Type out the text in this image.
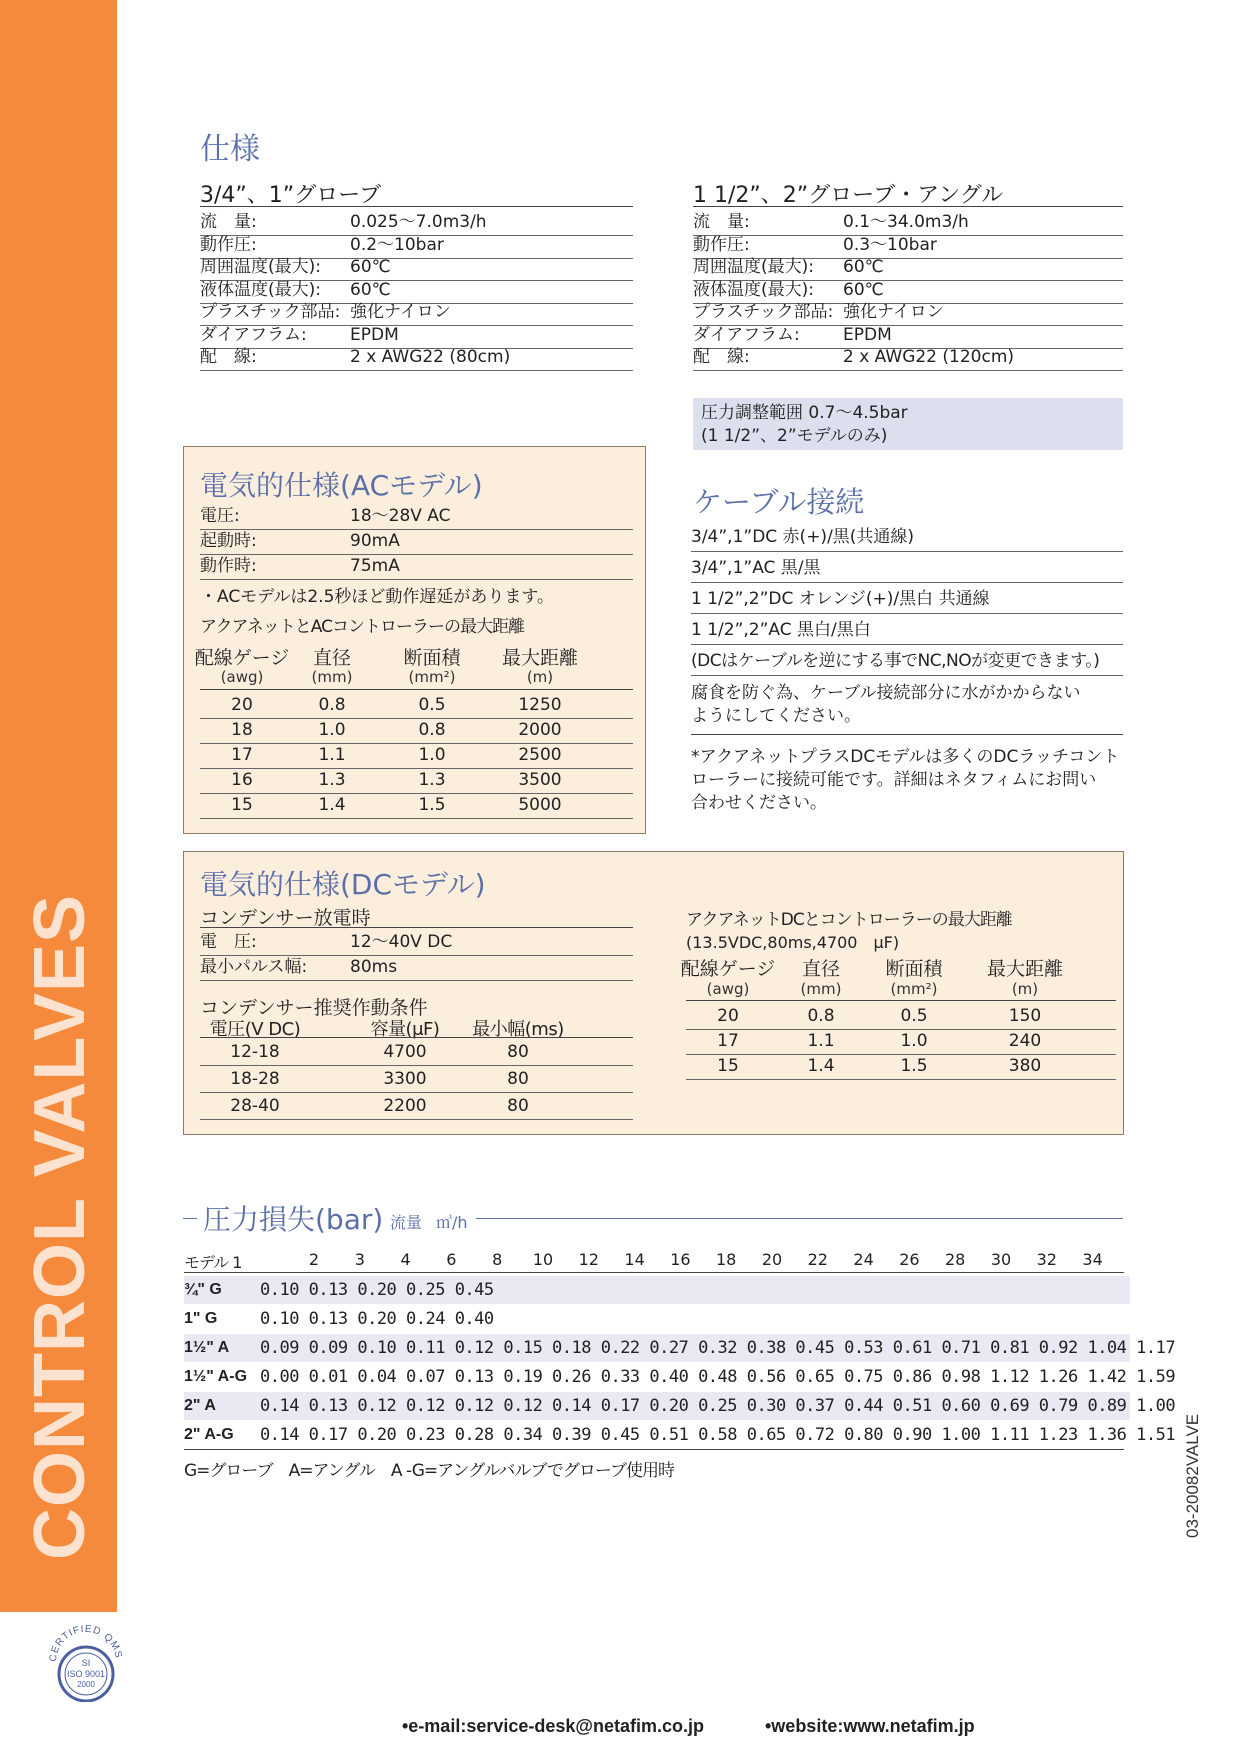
CONTROL VALVES
仕様
3/4”、1”グローブ
流　量:	0.025～7.0m3/h
動作圧:	0.2～10bar
周囲温度(最大): 60℃
液体温度(最大): 60℃
プラスチック部品: 強化ナイロン
ダイアフラム:	EPDM
配　線:	2 x AWG22 (80cm)
1 1/2”、2”グローブ・アングル
流　量:	0.1～34.0m3/h
動作圧:	0.3～10bar
周囲温度(最大): 60℃
液体温度(最大): 60℃
プラスチック部品: 強化ナイロン
ダイアフラム:	EPDM
配　線:	2 x AWG22 (120cm)
圧力調整範囲 0.7～4.5bar
(1 1/2”、2”モデルのみ)
電気的仕様(ACモデル)
電圧:	18～28V AC
起動時:	90mA
動作時:	75mA
・ACモデルは2.5秒ほど動作遅延があります。
アクアネットとACコントローラーの最大距離
配線ゲージ	直径	断面積	最大距離
(awg)	(mm)	(mm²)	(m)
20	0.8	0.5	1250
18	1.0	0.8	2000
17	1.1	1.0	2500
16	1.3	1.3	3500
15	1.4	1.5	5000
ケーブル接続
3/4”,1”DC 赤(+)/黒(共通線)
3/4”,1”AC 黒/黒
1 1/2”,2”DC オレンジ(+)/黒白 共通線
1 1/2”,2”AC 黒白/黒白
(DCはケーブルを逆にする事でNC,NOが変更できます。)
腐食を防ぐ為、ケーブル接続部分に水がかからない
ようにしてください。
*アクアネットプラスDCモデルは多くのDCラッチコント
ローラーに接続可能です。詳細はネタフィムにお問い
合わせください。
電気的仕様(DCモデル)
コンデンサー放電時
電　圧:	12～40V DC
最小パルス幅:	80ms
コンデンサー推奨作動条件
電圧(V DC)	容量(μF)	最小幅(ms)
12-18	4700	80
18-28	3300	80
28-40	2200	80
アクアネットDCとコントローラーの最大距離
(13.5VDC,80ms,4700　μF)
配線ゲージ	直径	断面積	最大距離
(awg)	(mm)	(mm²)	(m)
20	0.8	0.5	150
17	1.1	1.0	240
15	1.4	1.5	380
圧力損失(bar) 流量 ㎥/h
モデル 1	2	3	4	6	8	10	12	14	16	18	20	22	24	26	28	30	32	34
¾" G 0.10 0.13 0.20 0.25 0.45
1" G	0.10 0.13 0.20 0.24 0.40
1½" A 0.09 0.09 0.10 0.11 0.12 0.15 0.18 0.22 0.27 0.32 0.38 0.45 0.53 0.61 0.71 0.81 0.92 1.04 1.17
1½" A-G 0.00 0.01 0.04 0.07 0.13 0.19 0.26 0.33 0.40 0.48 0.56 0.65 0.75 0.86 0.98 1.12 1.26 1.42 1.59
2" A	0.14 0.13 0.12 0.12 0.12 0.12 0.14 0.17 0.20 0.25 0.30 0.37 0.44 0.51 0.60 0.69 0.79 0.89 1.00
2" A-G 0.14 0.17 0.20 0.23 0.28 0.34 0.39 0.45 0.51 0.58 0.65 0.72 0.80 0.90 1.00 1.11 1.23 1.36 1.51
G=グローブ　A=アングル　A -G=アングルバルブでグローブ使用時	03-20082VALVE
CERTIFIED QMS
SI
ISO 9001
2000
•e-mail:service-desk@netafim.co.jp	•website:www.netafim.jp
